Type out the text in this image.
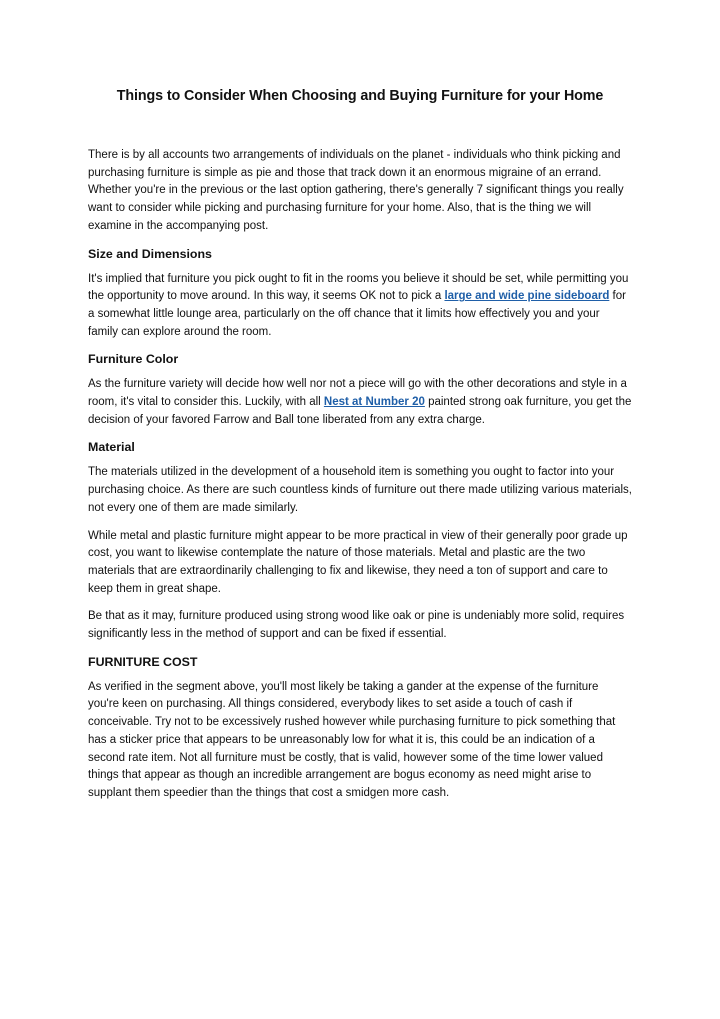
Things to Consider When Choosing and Buying Furniture for your Home

There is by all accounts two arrangements of individuals on the planet - individuals who think picking and purchasing furniture is simple as pie and those that track down it an enormous migraine of an errand. Whether you're in the previous or the last option gathering, there's generally 7 significant things you really want to consider while picking and purchasing furniture for your home. Also, that is the thing we will examine in the accompanying post.

Size and Dimensions

It's implied that furniture you pick ought to fit in the rooms you believe it should be set, while permitting you the opportunity to move around. In this way, it seems OK not to pick a large and wide pine sideboard for a somewhat little lounge area, particularly on the off chance that it limits how effectively you and your family can explore around the room.

Furniture Color

As the furniture variety will decide how well nor not a piece will go with the other decorations and style in a room, it's vital to consider this. Luckily, with all Nest at Number 20 painted strong oak furniture, you get the decision of your favored Farrow and Ball tone liberated from any extra charge.

Material

The materials utilized in the development of a household item is something you ought to factor into your purchasing choice. As there are such countless kinds of furniture out there made utilizing various materials, not every one of them are made similarly.

While metal and plastic furniture might appear to be more practical in view of their generally poor grade up cost, you want to likewise contemplate the nature of those materials. Metal and plastic are the two materials that are extraordinarily challenging to fix and likewise, they need a ton of support and care to keep them in great shape.

Be that as it may, furniture produced using strong wood like oak or pine is undeniably more solid, requires significantly less in the method of support and can be fixed if essential.

FURNITURE COST

As verified in the segment above, you'll most likely be taking a gander at the expense of the furniture you're keen on purchasing. All things considered, everybody likes to set aside a touch of cash if conceivable. Try not to be excessively rushed however while purchasing furniture to pick something that has a sticker price that appears to be unreasonably low for what it is, this could be an indication of a second rate item. Not all furniture must be costly, that is valid, however some of the time lower valued things that appear as though an incredible arrangement are bogus economy as need might arise to supplant them speedier than the things that cost a smidgen more cash.
